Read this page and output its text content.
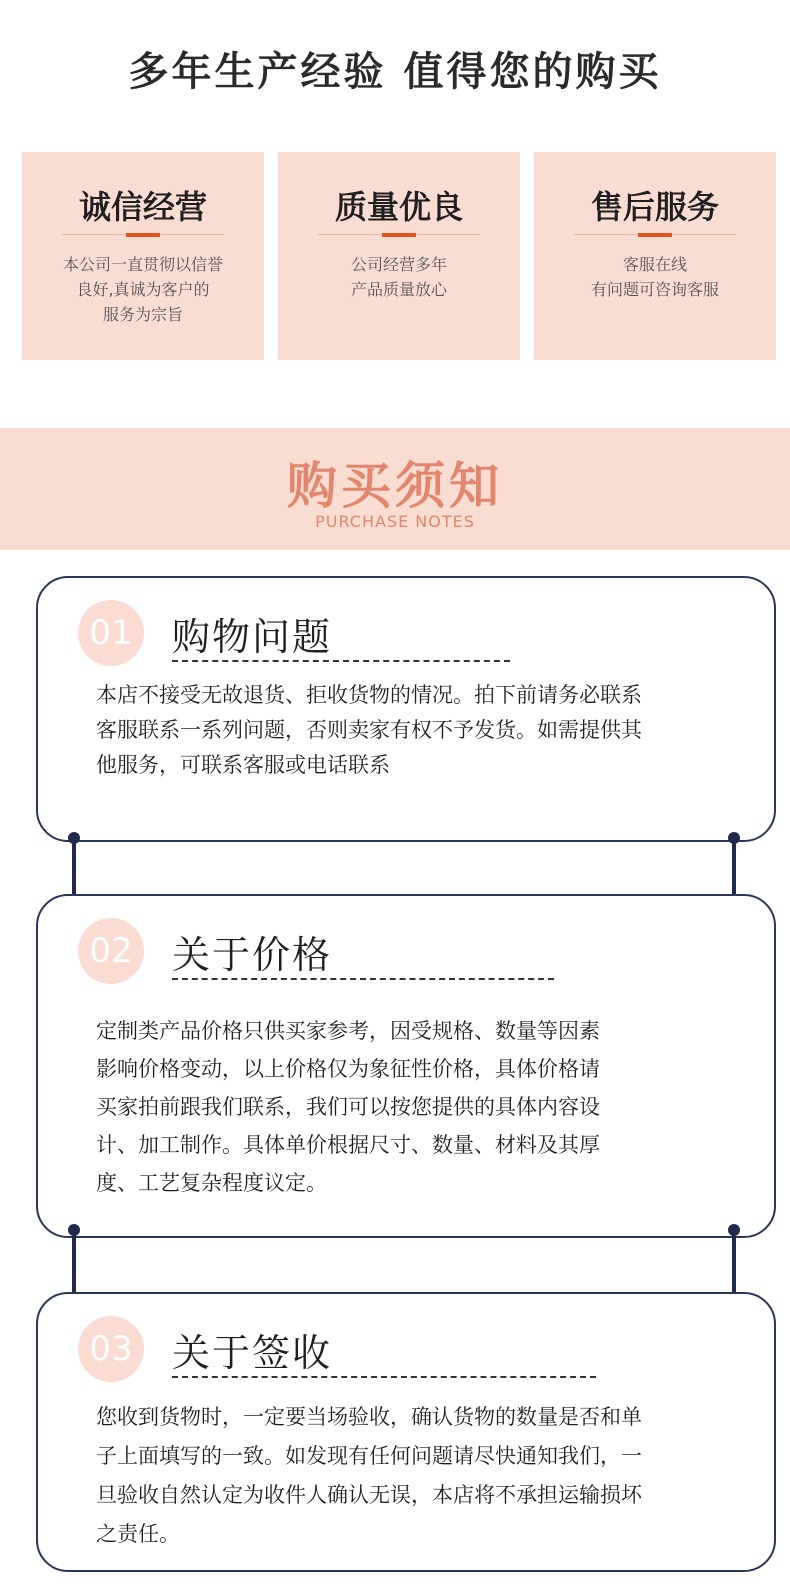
多年生产经验 值得您的购买
诚信经营
本公司一直贯彻以信誉
良好,真诚为客户的
服务为宗旨
质量优良
公司经营多年
产品质量放心
售后服务
客服在线
有问题可咨询客服
购买须知
PURCHASE NOTES
01 购物问题
本店不接受无故退货、拒收货物的情况。拍下前请务必联系
客服联系一系列问题，否则卖家有权不予发货。如需提供其
他服务，可联系客服或电话联系
02 关于价格
定制类产品价格只供买家参考，因受规格、数量等因素
影响价格变动，以上价格仅为象征性价格，具体价格请
买家拍前跟我们联系，我们可以按您提供的具体内容设
计、加工制作。具体单价根据尺寸、数量、材料及其厚
度、工艺复杂程度议定。
03 关于签收
您收到货物时，一定要当场验收，确认货物的数量是否和单
子上面填写的一致。如发现有任何问题请尽快通知我们，一
旦验收自然认定为收件人确认无误，本店将不承担运输损坏
之责任。
